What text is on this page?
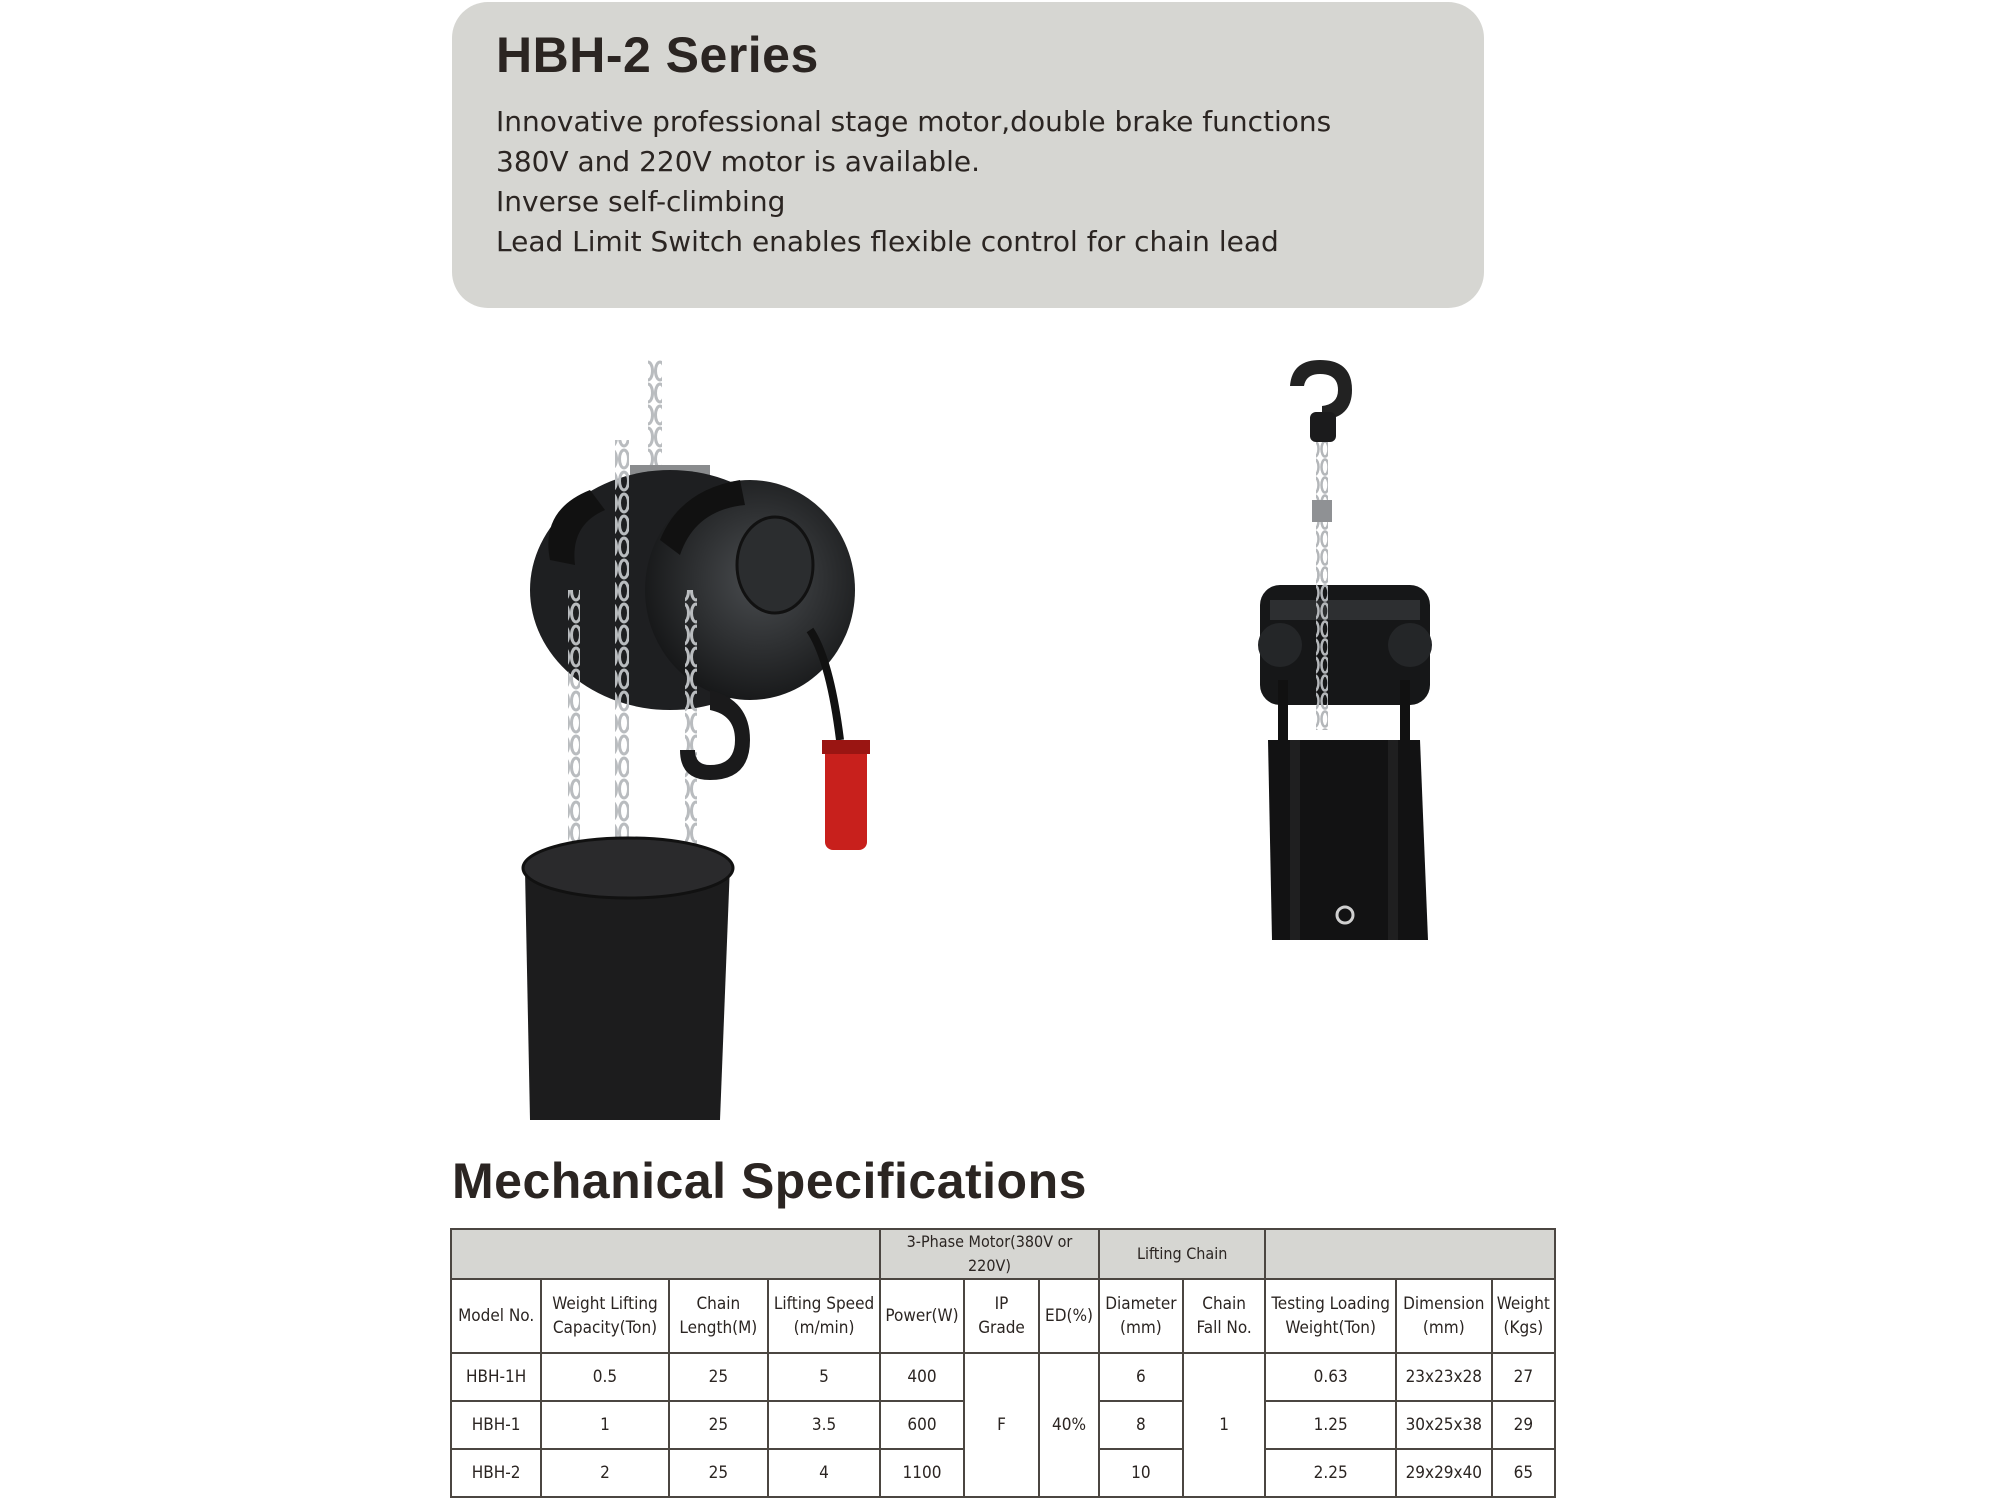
HBH-2 Series
Innovative professional stage motor,double brake functions
380V and 220V motor is available.
Inverse self-climbing
Lead Limit Switch enables flexible control for chain lead
Mechanical Specifications
				3-Phase Motor(380V or 220V)			Lifting Chain				
Model No.	Weight Lifting Capacity(Ton)	Chain Length(M)	Lifting Speed (m/min)	Power(W)	IP Grade	ED(%)	Diameter (mm)	Chain Fall No.	Testing Loading Weight(Ton)	Dimension (mm)	Weight (Kgs)
HBH-1H	0.5	25	5	400	F	40%	6	1	0.63	23x23x28	27
HBH-1	1	25	3.5	600			8		1.25	30x25x38	29
HBH-2	2	25	4	1100			10		2.25	29x29x40	65
